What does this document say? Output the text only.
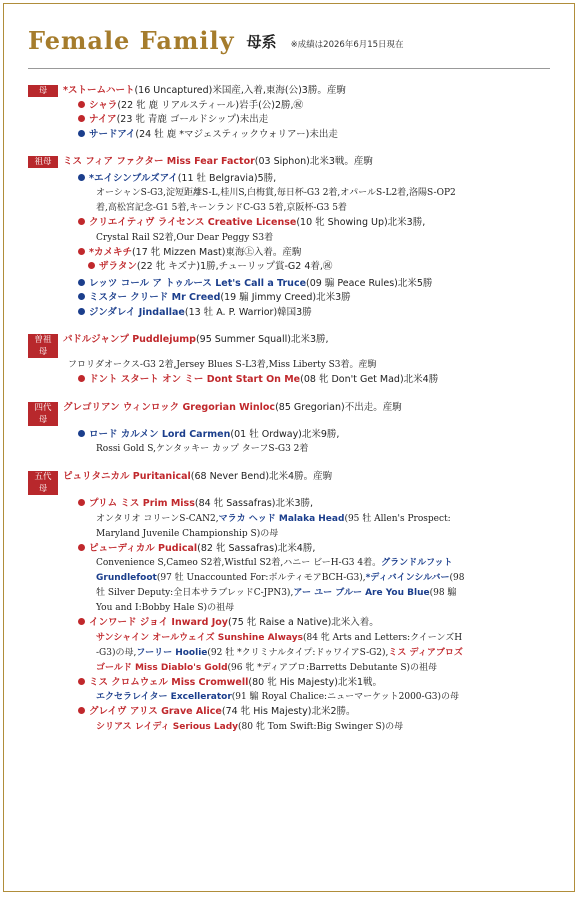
Female Family 母系 ※成績は2026年6月15日現在
母	*ストームハート(16 Uncaptured)米国産,入着,東海(公)3勝。産駒
シャラ(22 牝 鹿 リアルスティール)岩手(公)2勝,㊗
ナイア(23 牝 青鹿 ゴールドシップ)未出走
サードアイ(24 牡 鹿 *マジェスティックウォリアー)未出走
祖母	ミス フィア ファクター Miss Fear Factor(03 Siphon)北米3戦。産駒
*エイシンブルズアイ(11 牡 Belgravia)5勝,
オーシャンS-G3,淀短距離S-L,桂川S,白梅賞,毎日杯-G3 2着,オパールS-L2着,洛陽S-OP2
着,高松宮記念-G1 5着,キーンランドC-G3 5着,京阪杯-G3 5着
クリエイティヴ ライセンス Creative License(10 牝 Showing Up)北米3勝,
Crystal Rail S2着,Our Dear Peggy S3着
*カメキチ(17 牝 Mizzen Mast)東海㊤入着。産駒
ザラタン(22 牝 キズナ)1勝,チューリップ賞-G2 4着,㊗
レッツ コール ア トゥルース Let's Call a Truce(09 騸 Peace Rules)北米5勝
ミスター クリード Mr Creed(19 騸 Jimmy Creed)北米3勝
ジンダレイ Jindallae(13 牡 A. P. Warrior)韓国3勝
曽祖母
パドルジャンプ Puddlejump(95 Summer Squall)北米3勝,
フロリダオークス-G3 2着,Jersey Blues S-L3着,Miss Liberty S3着。産駒
ドント スタート オン ミー Dont Start On Me(08 牝 Don't Get Mad)北米4勝
四代母
グレゴリアン ウィンロック Gregorian Winloc(85 Gregorian)不出走。産駒
ロード カルメン Lord Carmen(01 牡 Ordway)北米9勝,
Rossi Gold S,ケンタッキー カップ ターフS-G3 2着
五代母
ピュリタニカル Puritanical(68 Never Bend)北米4勝。産駒
プリム ミス Prim Miss(84 牝 Sassafras)北米3勝,
オンタリオ コリーンS-CAN2,マラカ ヘッド Malaka Head(95 牡 Allen's Prospect:
Maryland Juvenile Championship S)の母
ピューディカル Pudical(82 牝 Sassafras)北米4勝,
Convenience S,Cameo S2着,Wistful S2着,ハニー ビーH-G3 4着。グランドルフット
Grundlefoot(97 牡 Unaccounted For:ボルティモアBCH-G3),*ディバインシルバー(98
牡 Silver Deputy:全日本サラブレッドC-JPN3),アー ユー ブルー Are You Blue(98 騸
You and I:Bobby Hale S)の祖母
インワード ジョイ Inward Joy(75 牝 Raise a Native)北米入着。
サンシャイン オールウェイズ Sunshine Always(84 牝 Arts and Letters:クイーンズH
-G3)の母,フーリー Hoolie(92 牡 *クリミナルタイプ:ドゥワイアS-G2),ミス ディアブロズ
ゴールド Miss Diablo's Gold(96 牝 *ディアブロ:Barretts Debutante S)の祖母
ミス クロムウェル Miss Cromwell(80 牝 His Majesty)北米1戦。
エクセラレイター Excellerator(91 騸 Royal Chalice:ニューマーケット2000-G3)の母
グレイヴ アリス Grave Alice(74 牝 His Majesty)北米2勝。
シリアス レイディ Serious Lady(80 牝 Tom Swift:Big Swinger S)の母
